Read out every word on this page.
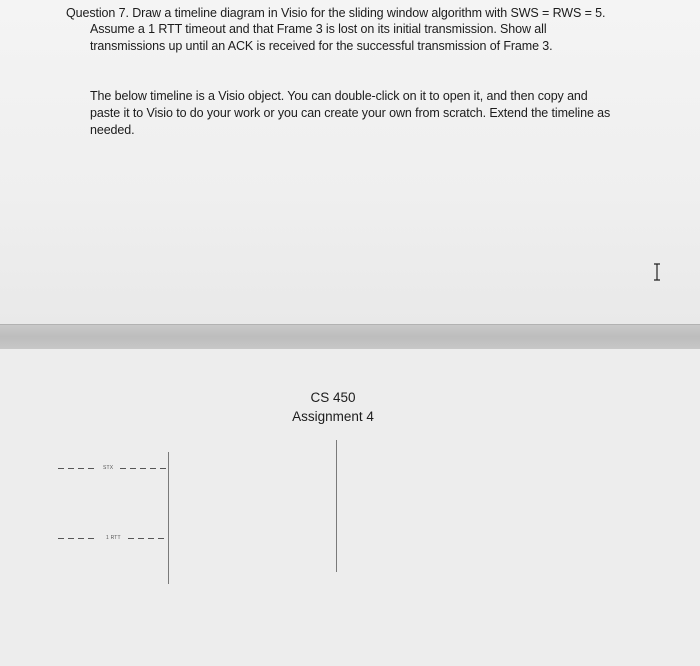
Question 7. Draw a timeline diagram in Visio for the sliding window algorithm with SWS = RWS = 5.
Assume a 1 RTT timeout and that Frame 3 is lost on its initial transmission. Show all
transmissions up until an ACK is received for the successful transmission of Frame 3.
The below timeline is a Visio object. You can double-click on it to open it, and then copy and
paste it to Visio to do your work or you can create your own from scratch. Extend the timeline as
needed.
CS 450
Assignment 4
STX
1 RTT
